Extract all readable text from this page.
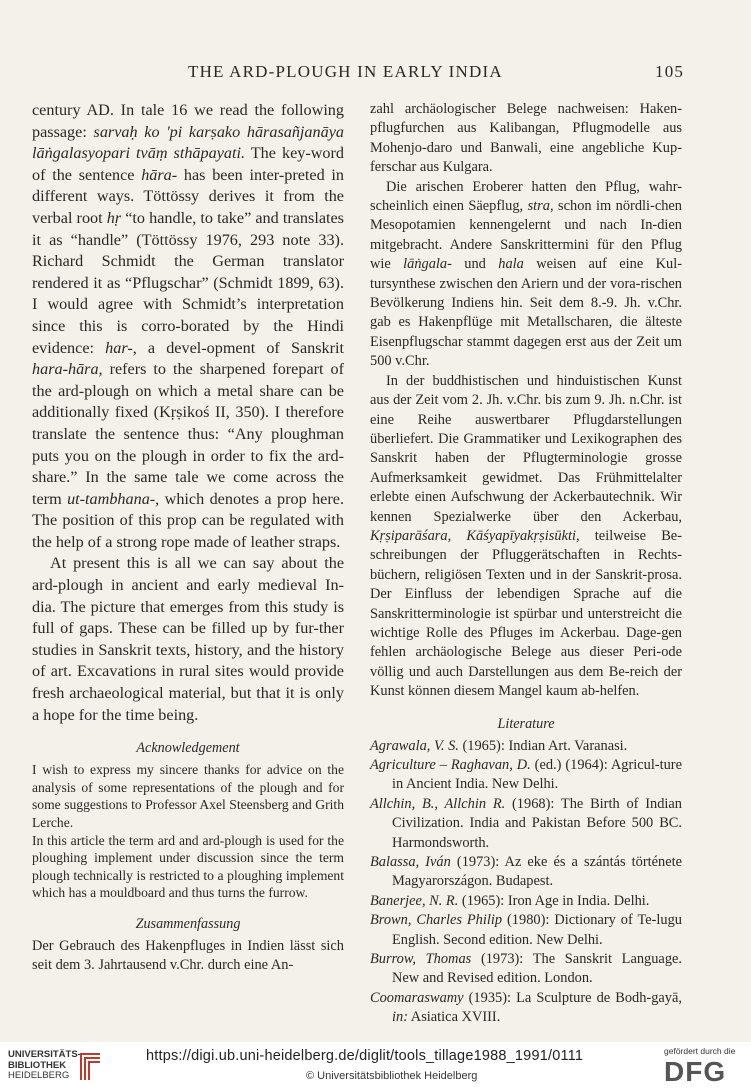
THE ARD-PLOUGH IN EARLY INDIA	105

century AD. In tale 16 we read the following passage: sarvaḥ ko 'pi karṣako hārasañjanāya lāṅgalasyopari tvāṃ sthāpayati. The key-word of the sentence hāra- has been inter-preted in different ways. Töttössy derives it from the verbal root hṛ “to handle, to take” and translates it as “handle” (Töttössy 1976, 293 note 33). Richard Schmidt the German translator rendered it as “Pflugschar” (Schmidt 1899, 63). I would agree with Schmidt’s interpretation since this is corro-borated by the Hindi evidence: har-, a devel-opment of Sanskrit hara-hāra, refers to the sharpened forepart of the ard-plough on which a metal share can be additionally fixed (Kṛṣikoś II, 350). I therefore translate the sentence thus: “Any ploughman puts you on the plough in order to fix the ard-share.” In the same tale we come across the term ut-tambhana-, which denotes a prop here. The position of this prop can be regulated with the help of a strong rope made of leather straps.

At present this is all we can say about the ard-plough in ancient and early medieval In-dia. The picture that emerges from this study is full of gaps. These can be filled up by fur-ther studies in Sanskrit texts, history, and the history of art. Excavations in rural sites would provide fresh archaeological material, but that it is only a hope for the time being.

Acknowledgement

I wish to express my sincere thanks for advice on the analysis of some representations of the plough and for some suggestions to Professor Axel Steensberg and Grith Lerche.

In this article the term ard and ard-plough is used for the ploughing implement under discussion since the term plough technically is restricted to a ploughing implement which has a mouldboard and thus turns the furrow.

Zusammenfassung

Der Gebrauch des Hakenpfluges in Indien lässt sich seit dem 3. Jahrtausend v.Chr. durch eine An-

zahl archäologischer Belege nachweisen: Haken-pflugfurchen aus Kalibangan, Pflugmodelle aus Mohenjo-daro und Banwali, eine angebliche Kup-ferschar aus Kulgara.

Die arischen Eroberer hatten den Pflug, wahr-scheinlich einen Säepflug, stra, schon im nördli-chen Mesopotamien kennengelernt und nach In-dien mitgebracht. Andere Sanskrittermini für den Pflug wie lāṅgala- und hala weisen auf eine Kul-tursynthese zwischen den Ariern und der vora-rischen Bevölkerung Indiens hin. Seit dem 8.-9. Jh. v.Chr. gab es Hakenpflüge mit Metallscharen, die älteste Eisenpflugschar stammt dagegen erst aus der Zeit um 500 v.Chr.

In der buddhistischen und hinduistischen Kunst aus der Zeit vom 2. Jh. v.Chr. bis zum 9. Jh. n.Chr. ist eine Reihe auswertbarer Pflugdarstellungen überliefert. Die Grammatiker und Lexikographen des Sanskrit haben der Pflugterminologie grosse Aufmerksamkeit gewidmet. Das Frühmittelalter erlebte einen Aufschwung der Ackerbautechnik. Wir kennen Spezialwerke über den Ackerbau, Kṛṣiparāśara, Kāśyapīyakṛṣisūkti, teilweise Be-schreibungen der Pfluggerätschaften in Rechts-büchern, religiösen Texten und in der Sanskrit-prosa. Der Einfluss der lebendigen Sprache auf die Sanskritterminologie ist spürbar und unterstreicht die wichtige Rolle des Pfluges im Ackerbau. Dage-gen fehlen archäologische Belege aus dieser Peri-ode völlig und auch Darstellungen aus dem Be-reich der Kunst können diesem Mangel kaum ab-helfen.

Literature

Agrawala, V. S. (1965): Indian Art. Varanasi.

Agriculture – Raghavan, D. (ed.) (1964): Agricul-ture in Ancient India. New Delhi.

Allchin, B., Allchin R. (1968): The Birth of Indian Civilization. India and Pakistan Before 500 BC. Harmondsworth.

Balassa, Iván (1973): Az eke és a szántás története Magyarországon. Budapest.

Banerjee, N. R. (1965): Iron Age in India. Delhi.

Brown, Charles Philip (1980): Dictionary of Te-lugu English. Second edition. New Delhi.

Burrow, Thomas (1973): The Sanskrit Language. New and Revised edition. London.

Coomaraswamy (1935): La Sculpture de Bodh-gayā, in: Asiatica XVIII.

UNIVERSITÄTS-
BIBLIOTHEK
HEIDELBERG
https://digi.ub.uni-heidelberg.de/diglit/tools_tillage1988_1991/0111
© Universitätsbibliothek Heidelberg
gefördert durch die
DFG
